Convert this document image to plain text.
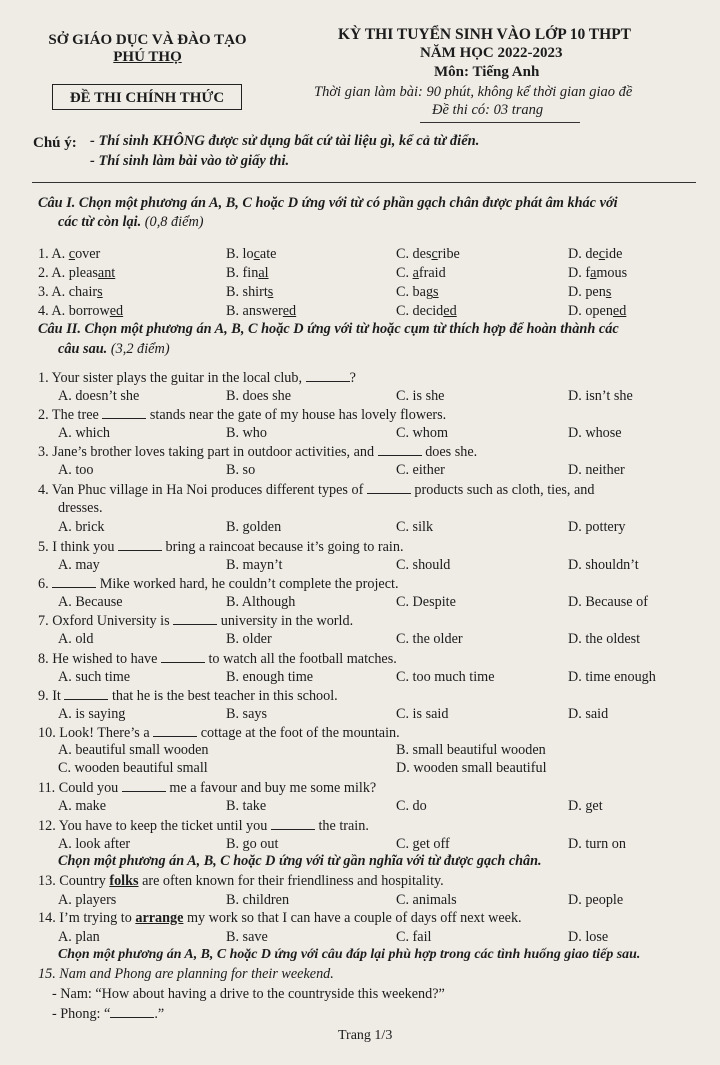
SỞ GIÁO DỤC VÀ ĐÀO TẠO
PHÚ THỌ
ĐỀ THI CHÍNH THỨC
KỲ THI TUYỂN SINH VÀO LỚP 10 THPT
NĂM HỌC 2022-2023
Môn: Tiếng Anh
Thời gian làm bài: 90 phút, không kể thời gian giao đề
Đề thi có: 03 trang
Chú ý: - Thí sinh KHÔNG được sử dụng bất cứ tài liệu gì, kể cả từ điển.
- Thí sinh làm bài vào tờ giấy thi.
Câu I. Chọn một phương án A, B, C hoặc D ứng với từ có phần gạch chân được phát âm khác với
các từ còn lại. (0,8 điểm)
Câu II. Chọn một phương án A, B, C hoặc D ứng với từ hoặc cụm từ thích hợp để hoàn thành các
câu sau. (3,2 điểm)
Trang 1/3
1. A. cover	B. locate	C. describe	D. decide
2. A. pleasant	B. final	C. afraid	D. famous
3. A. chairs	B. shirts	C. bags	D. pens
4. A. borrowed	B. answered	C. decided	D. opened
1. Your sister plays the guitar in the local club,	?
A. doesn’t she	B. does she	C. is she	D. isn’t she
2. The tree	stands near the gate of my house has lovely flowers.
A. which	B. who	C. whom	D. whose
3. Jane’s brother loves taking part in outdoor activities, and	does she.
A. too	B. so	C. either	D. neither
4. Van Phuc village in Ha Noi produces different types of	products such as cloth, ties, and
dresses.
A. brick	B. golden	C. silk	D. pottery
5. I think you	bring a raincoat because it’s going to rain.
A. may	B. mayn’t	C. should	D. shouldn’t
6.	Mike worked hard, he couldn’t complete the project.
A. Because	B. Although	C. Despite	D. Because of
7. Oxford University is	university in the world.
A. old	B. older	C. the older	D. the oldest
8. He wished to have	to watch all the football matches.
A. such time	B. enough time	C. too much time	D. time enough
9. It	that he is the best teacher in this school.
A. is saying	B. says	C. is said	D. said
10. Look! There’s a	cottage at the foot of the mountain.
A. beautiful small wooden	B. small beautiful wooden
C. wooden beautiful small	D. wooden small beautiful
11. Could you	me a favour and buy me some milk?
A. make	B. take	C. do	D. get
12. You have to keep the ticket until you	the train.
A. look after	B. go out	C. get off	D. turn on
Chọn một phương án A, B, C hoặc D ứng với từ gần nghĩa với từ được gạch chân.
13. Country folks are often known for their friendliness and hospitality.
A. players	B. children	C. animals	D. people
14. I’m trying to arrange my work so that I can have a couple of days off next week.
A. plan	B. save	C. fail	D. lose
Chọn một phương án A, B, C hoặc D ứng với câu đáp lại phù hợp trong các tình huống giao tiếp sau.
15. Nam and Phong are planning for their weekend.
- Nam: “How about having a drive to the countryside this weekend?”
- Phong: “	.”
